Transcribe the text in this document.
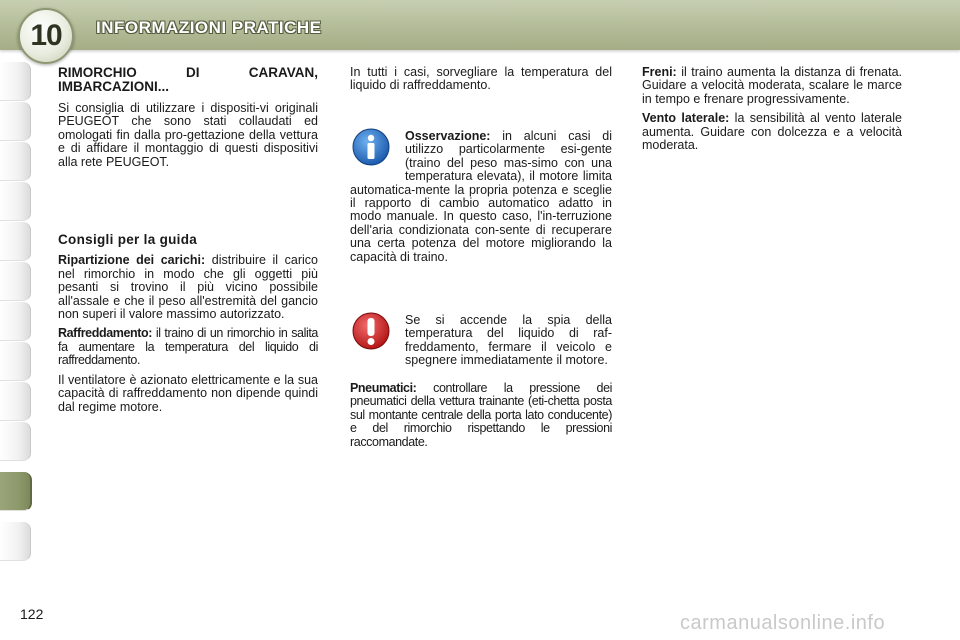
10	INFORMAZIONI PRATICHE
RIMORCHIO DI CARAVAN, IMBARCAZIONI...

Si consiglia di utilizzare i dispositi-vi originali PEUGEOT che sono stati collaudati ed omologati fin dalla pro-gettazione della vettura e di affidare il montaggio di questi dispositivi alla rete PEUGEOT.

Consigli per la guida

Ripartizione dei carichi: distribuire il carico nel rimorchio in modo che gli oggetti più pesanti si trovino il più vicino possibile all'assale e che il peso all'estremità del gancio non superi il valore massimo autorizzato.

Raffreddamento: il traino di un rimorchio in salita fa aumentare la temperatura del liquido di raffreddamento.

Il ventilatore è azionato elettricamente e la sua capacità di raffreddamento non dipende quindi dal regime motore.

In tutti i casi, sorvegliare la temperatura del liquido di raffreddamento.

Osservazione: in alcuni casi di utilizzo particolarmente esi-gente (traino del peso mas-simo con una temperatura elevata), il motore limita automatica-mente la propria potenza e sceglie il rapporto di cambio automatico adatto in modo manuale. In questo caso, l'in-terruzione dell'aria condizionata con-sente di recuperare una certa potenza del motore migliorando la capacità di traino.

Se si accende la spia della temperatura del liquido di raf-freddamento, fermare il veicolo e spegnere immediatamente il motore.

Pneumatici: controllare la pressione dei pneumatici della vettura trainante (eti-chetta posta sul montante centrale della porta lato conducente) e del rimorchio rispettando le pressioni raccomandate.

Freni: il traino aumenta la distanza di frenata. Guidare a velocità moderata, scalare le marce in tempo e frenare progressivamente.

Vento laterale: la sensibilità al vento laterale aumenta. Guidare con dolcezza e a velocità moderata.

122	carmanualsonline.info
